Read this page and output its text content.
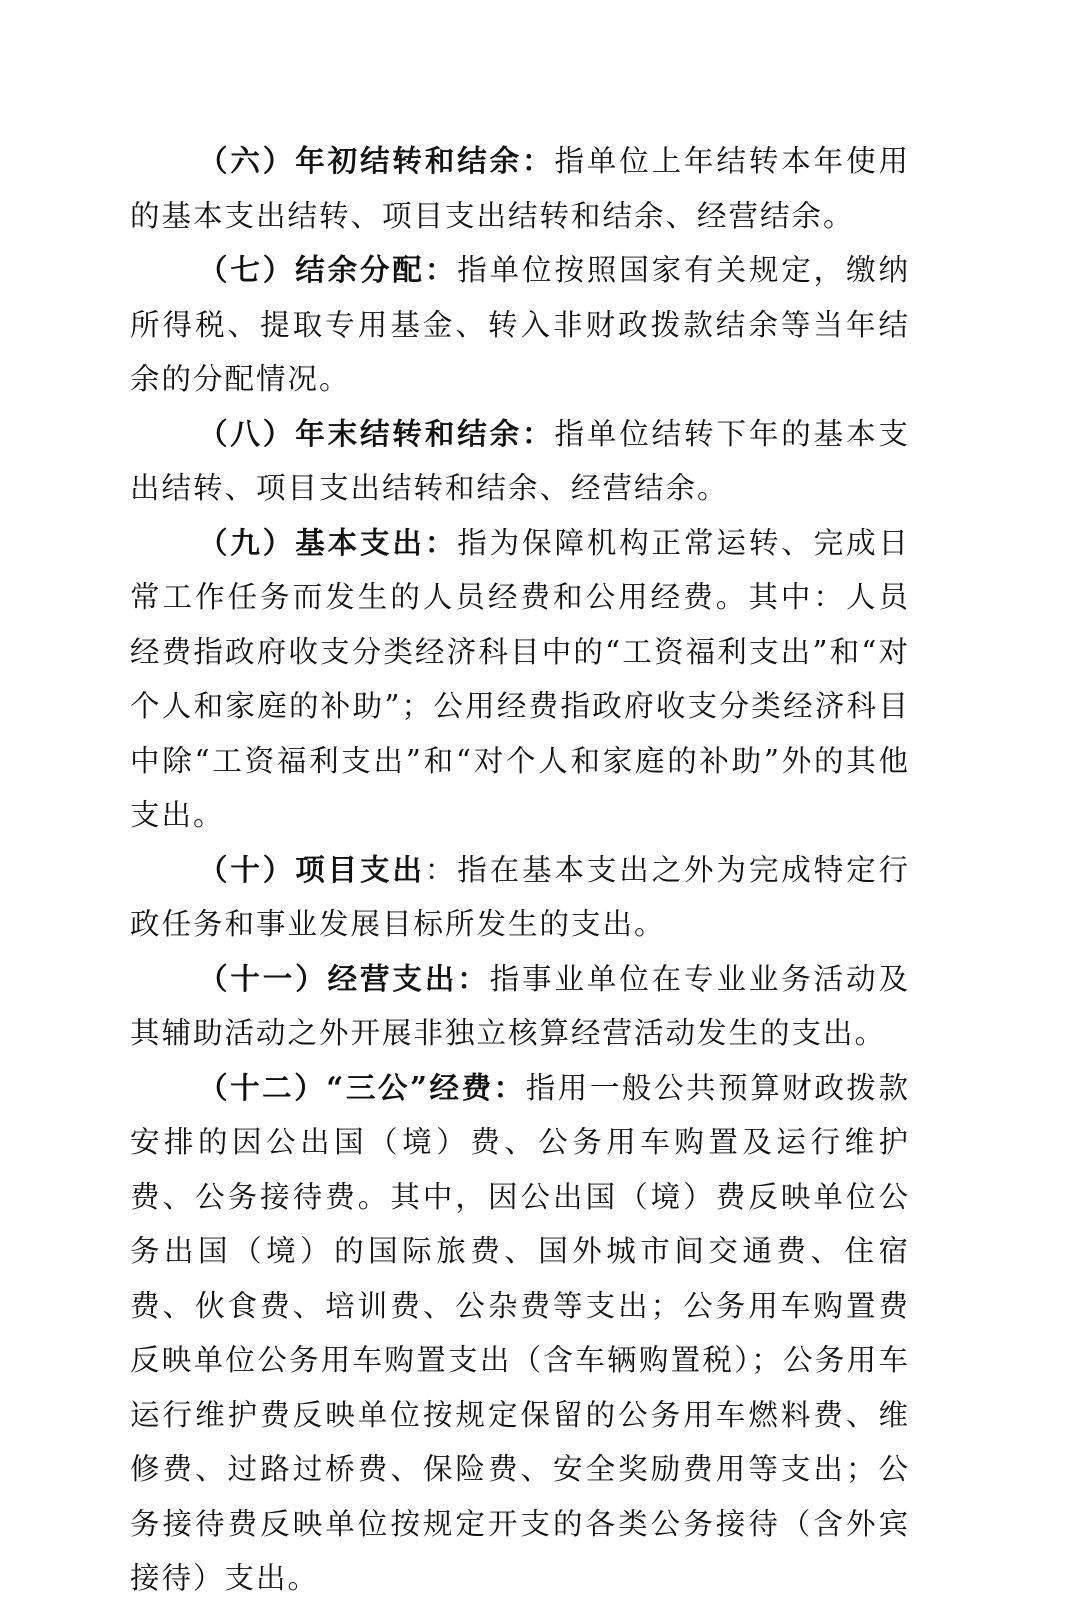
（六）年初结转和结余：指单位上年结转本年使用的基本支出结转、项目支出结转和结余、经营结余。

（七）结余分配：指单位按照国家有关规定，缴纳所得税、提取专用基金、转入非财政拨款结余等当年结余的分配情况。

（八）年末结转和结余：指单位结转下年的基本支出结转、项目支出结转和结余、经营结余。

（九）基本支出：指为保障机构正常运转、完成日常工作任务而发生的人员经费和公用经费。其中：人员经费指政府收支分类经济科目中的“工资福利支出”和“对个人和家庭的补助”；公用经费指政府收支分类经济科目中除“工资福利支出”和“对个人和家庭的补助”外的其他支出。

（十）项目支出：指在基本支出之外为完成特定行政任务和事业发展目标所发生的支出。

（十一）经营支出：指事业单位在专业业务活动及其辅助活动之外开展非独立核算经营活动发生的支出。

（十二）“三公”经费：指用一般公共预算财政拨款安排的因公出国（境）费、公务用车购置及运行维护费、公务接待费。其中，因公出国（境）费反映单位公务出国（境）的国际旅费、国外城市间交通费、住宿费、伙食费、培训费、公杂费等支出；公务用车购置费反映单位公务用车购置支出（含车辆购置税）；公务用车运行维护费反映单位按规定保留的公务用车燃料费、维修费、过路过桥费、保险费、安全奖励费用等支出；公务接待费反映单位按规定开支的各类公务接待（含外宾接待）支出。
